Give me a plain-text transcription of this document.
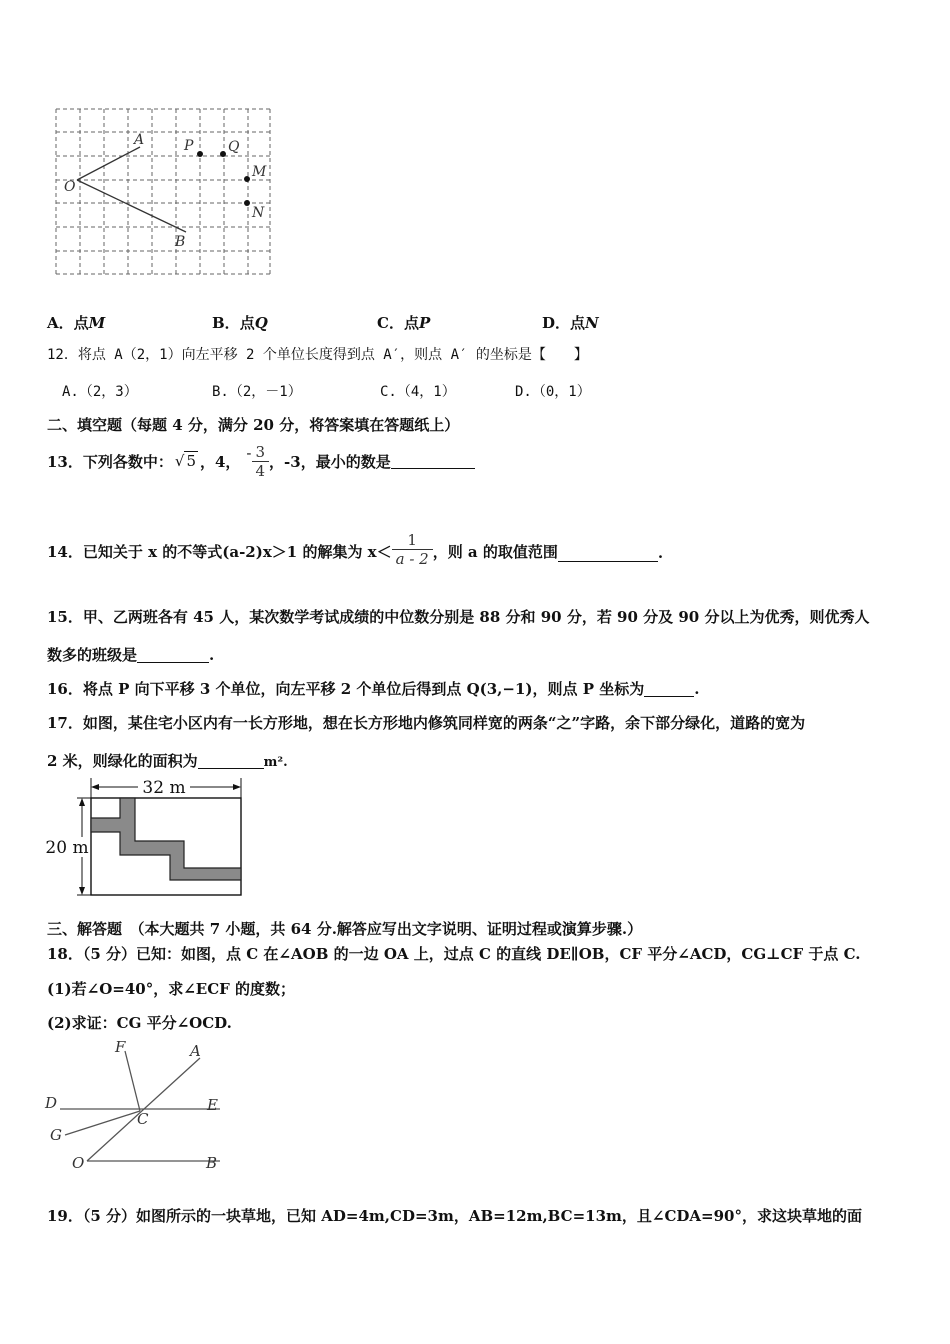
A
O
B
P Q
M
N
A．点M	B．点Q	C．点P	D．点N
12．将点 A（2，1）向左平移 2 个单位长度得到点 A′，则点 A′ 的坐标是【　　】
A.（2，3）	B.（2，－1）	C.（4，1）	D.（0，1）
二、填空题（每题 4 分，满分 20 分，将答案填在答题纸上）
13．下列各数中： √ 5 ，4， - $\frac{3}{4}$ ，-3，最小的数是
14．已知关于 x 的不等式(a-2)x＞1 的解集为 $x< \frac{1}{a - 2}$ ，则 a 的取值范围	.
15．甲、乙两班各有 45 人，某次数学考试成绩的中位数分别是 88 分和 90 分，若 90 分及 90 分以上为优秀，则优秀人
数多的班级是	.
16．将点 P 向下平移 3 个单位，向左平移 2 个单位后得到点 Q(3,−1)，则点 P 坐标为	.
17．如图，某住宅小区内有一长方形地，想在长方形地内修筑同样宽的两条“之”字路，余下部分绿化，道路的宽为
2 米，则绿化的面积为	m².
32 m
20 m
三、解答题　（本大题共 7 小题，共 64 分.解答应写出文字说明、证明过程或演算步骤.）
18．（5 分）已知：如图，点 C 在∠AOB 的一边 OA 上，过点 C 的直线 DE∥OB，CF 平分∠ACD，CG⊥CF 于点 C.
(1)若∠O=40°，求∠ECF 的度数；
(2)求证：CG 平分∠OCD.
F	A
D
C
E
G
O	B
19．（5 分）如图所示的一块草地，已知 AD=4m,CD=3m，AB=12m,BC=13m，且∠CDA=90°，求这块草地的面
